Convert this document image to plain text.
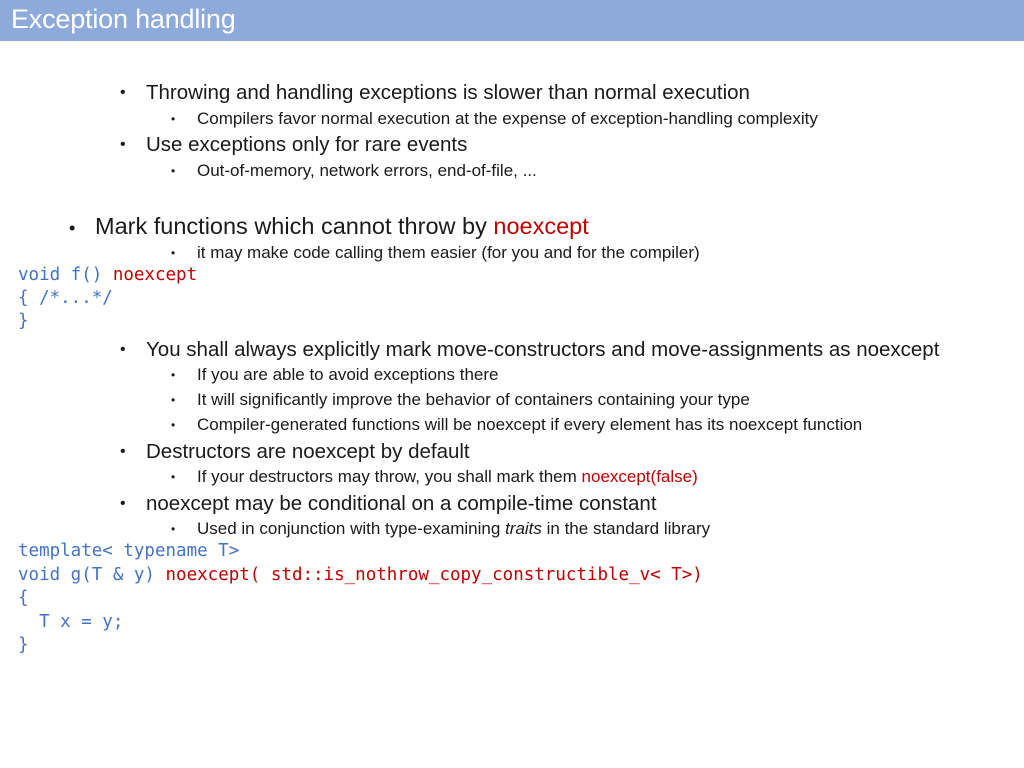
Exception handling
• Throwing and handling exceptions is slower than normal execution
• Compilers favor normal execution at the expense of exception-handling complexity
• Use exceptions only for rare events
• Out-of-memory, network errors, end-of-file, ...
• Mark functions which cannot throw by noexcept
• it may make code calling them easier (for you and for the compiler)
void f() noexcept
{ /*...*/
}
• You shall always explicitly mark move-constructors and move-assignments as noexcept
• If you are able to avoid exceptions there
• It will significantly improve the behavior of containers containing your type
• Compiler-generated functions will be noexcept if every element has its noexcept function
• Destructors are noexcept by default
• If your destructors may throw, you shall mark them noexcept(false)
• noexcept may be conditional on a compile-time constant
• Used in conjunction with type-examining traits in the standard library
template< typename T>
void g(T & y) noexcept( std::is_nothrow_copy_constructible_v< T>)
{
T x = y;
}
